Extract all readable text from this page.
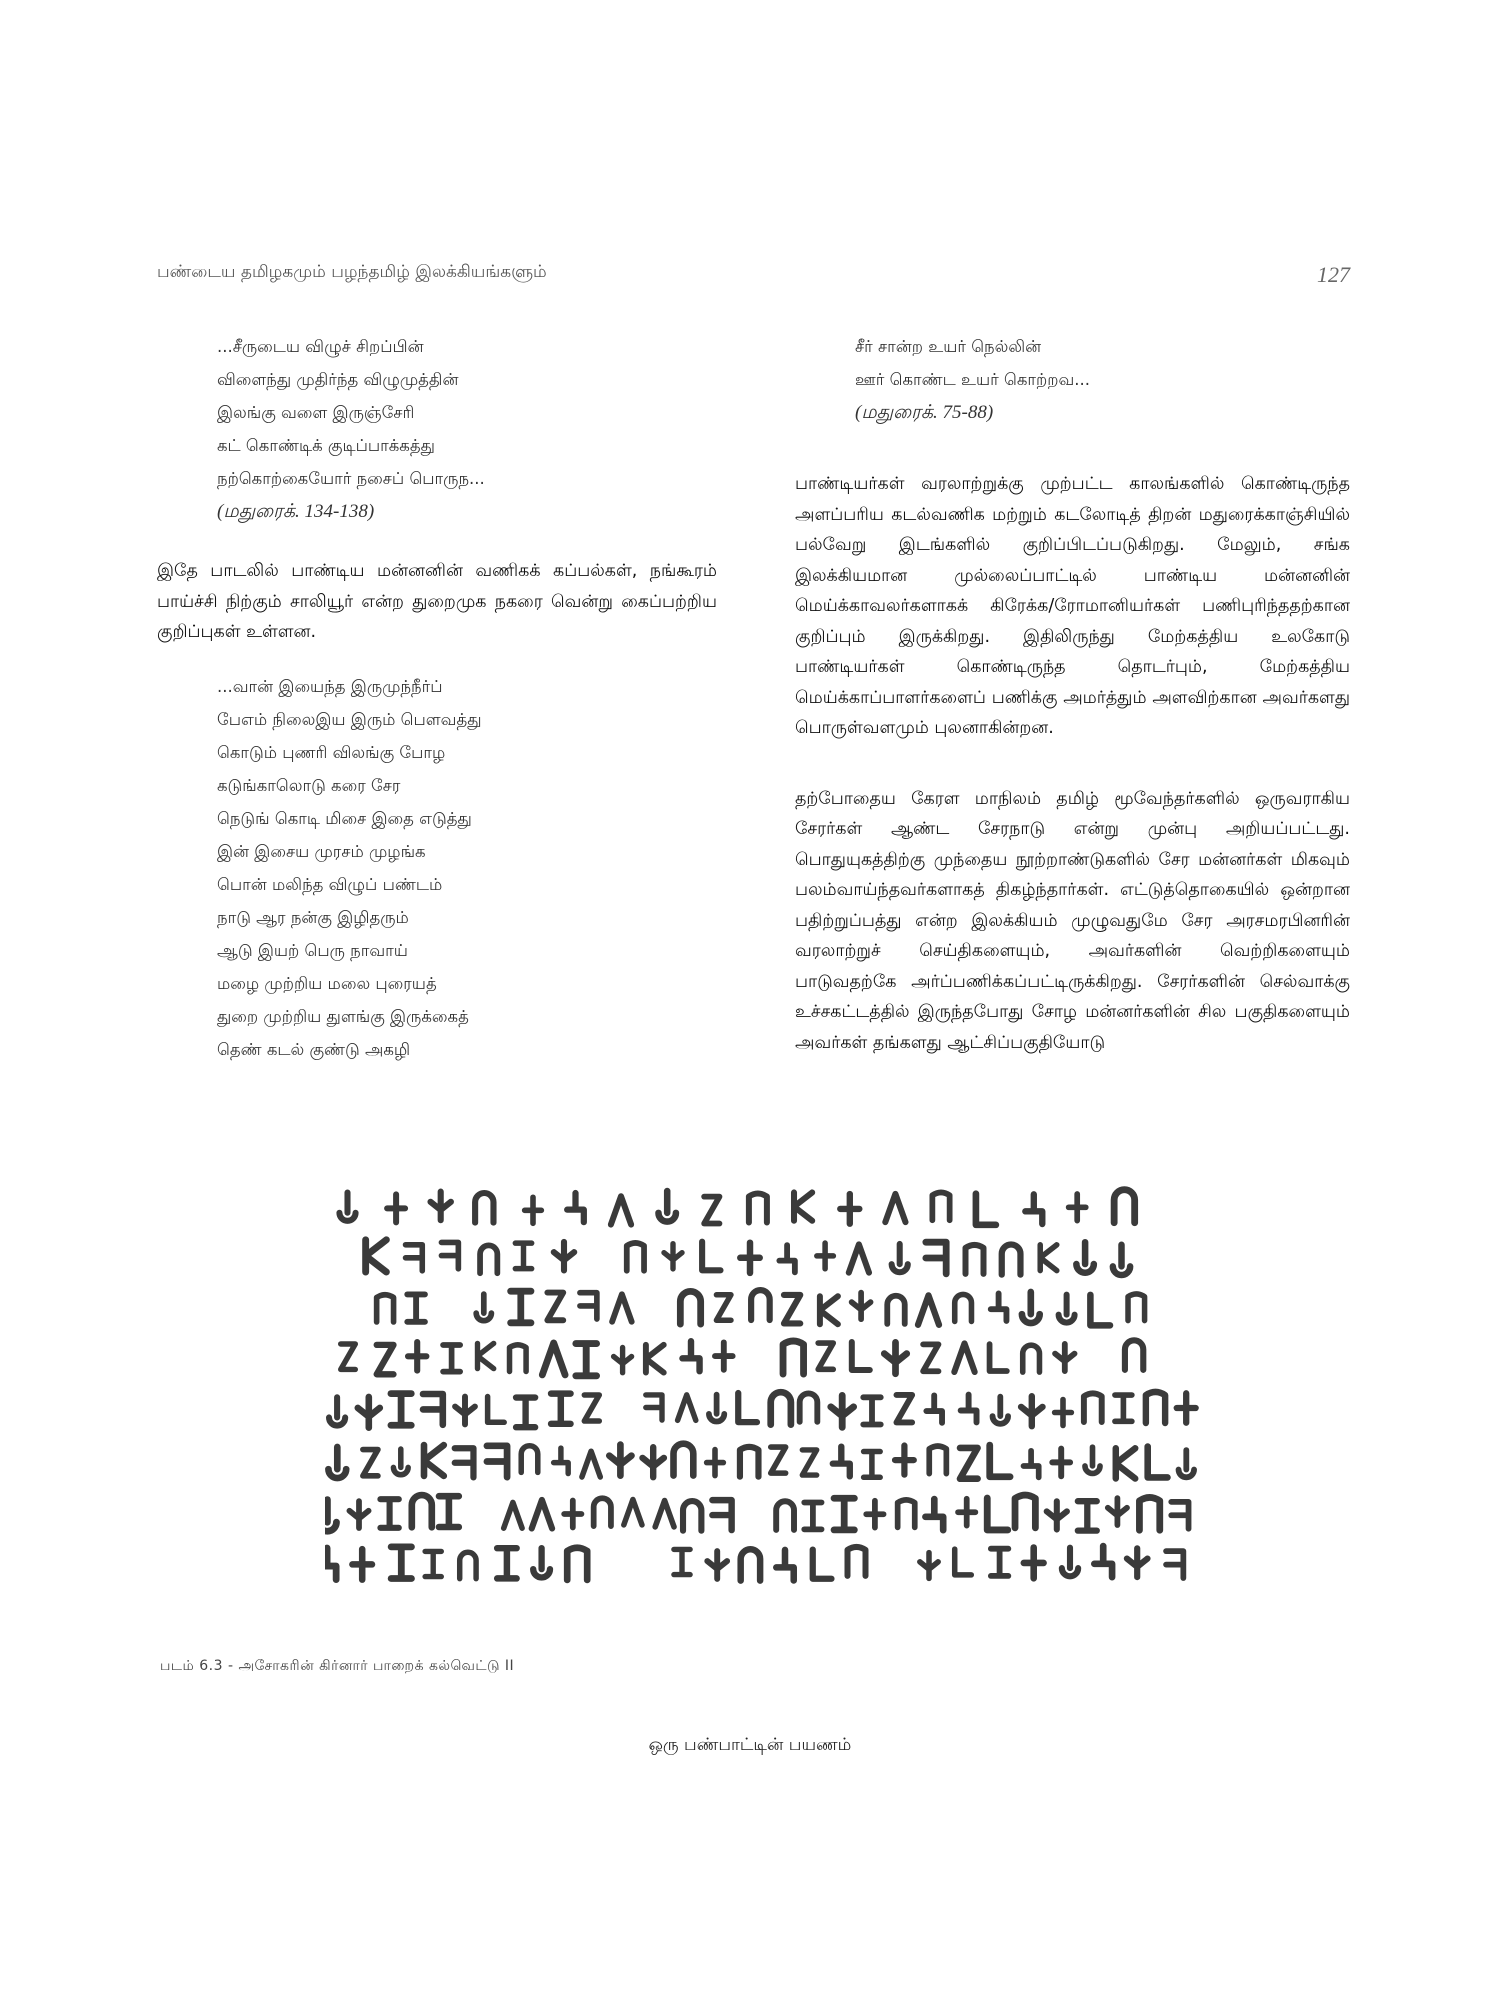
பண்டைய தமிழகமும் பழந்தமிழ் இலக்கியங்களும்	127
...சீருடைய விழுச் சிறப்பின்
விளைந்து முதிர்ந்த விழுமுத்தின்
இலங்கு வளை இருஞ்சேரி
கட் கொண்டிக் குடிப்பாக்கத்து
நற்கொற்கையோர் நசைப் பொருந...
(மதுரைக். 134-138)

இதே பாடலில் பாண்டிய மன்னனின் வணிகக் கப்பல்கள், நங்கூரம் பாய்ச்சி நிற்கும் சாலியூர் என்ற துறைமுக நகரை வென்று கைப்பற்றிய குறிப்புகள் உள்ளன.

...வான் இயைந்த இருமுந்நீர்ப்
பேஎம் நிலைஇய இரும் பௌவத்து
கொடும் புணரி விலங்கு போழ
கடுங்காலொடு கரை சேர
நெடுங் கொடி மிசை இதை எடுத்து
இன் இசைய முரசம் முழங்க
பொன் மலிந்த விழுப் பண்டம்
நாடு ஆர நன்கு இழிதரும்
ஆடு இயற் பெரு நாவாய்
மழை முற்றிய மலை புரையத்
துறை முற்றிய துளங்கு இருக்கைத்
தெண் கடல் குண்டு அகழி
சீர் சான்ற உயர் நெல்லின்
ஊர் கொண்ட உயர் கொற்றவ...
(மதுரைக். 75-88)

பாண்டியர்கள் வரலாற்றுக்கு முற்பட்ட காலங்களில் கொண்டிருந்த அளப்பரிய கடல்வணிக மற்றும் கடலோடித் திறன் மதுரைக்காஞ்சியில் பல்வேறு இடங்களில் குறிப்பிடப்படுகிறது. மேலும், சங்க இலக்கியமான முல்லைப்பாட்டில் பாண்டிய மன்னனின் மெய்க்காவலர்களாகக் கிரேக்க/ரோமானியர்கள் பணிபுரிந்ததற்கான குறிப்பும் இருக்கிறது. இதிலிருந்து மேற்கத்திய உலகோடு பாண்டியர்கள் கொண்டிருந்த தொடர்பும், மேற்கத்திய மெய்க்காப்பாளர்களைப் பணிக்கு அமர்த்தும் அளவிற்கான அவர்களது பொருள்வளமும் புலனாகின்றன.

தற்போதைய கேரள மாநிலம் தமிழ் மூவேந்தர்களில் ஒருவராகிய சேரர்கள் ஆண்ட சேரநாடு என்று முன்பு அறியப்பட்டது. பொதுயுகத்திற்கு முந்தைய நூற்றாண்டுகளில் சேர மன்னர்கள் மிகவும் பலம்வாய்ந்தவர்களாகத் திகழ்ந்தார்கள். எட்டுத்தொகையில் ஒன்றான பதிற்றுப்பத்து என்ற இலக்கியம் முழுவதுமே சேர அரசமரபினரின் வரலாற்றுச் செய்திகளையும், அவர்களின் வெற்றிகளையும் பாடுவதற்கே அர்ப்பணிக்கப்பட்டிருக்கிறது. சேரர்களின் செல்வாக்கு உச்சகட்டத்தில் இருந்தபோது சோழ மன்னர்களின் சில பகுதிகளையும் அவர்கள் தங்களது ஆட்சிப்பகுதியோடு

படம் 6.3 - அசோகரின் கிர்னார் பாறைக் கல்வெட்டு II
ஒரு பண்பாட்டின் பயணம்
